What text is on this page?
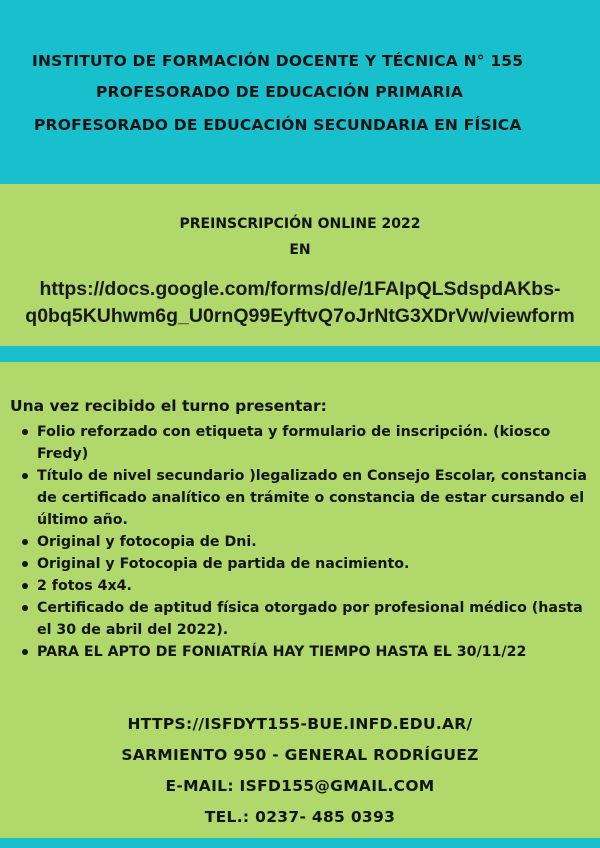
INSTITUTO DE FORMACIÓN DOCENTE Y TÉCNICA N° 155
PROFESORADO DE EDUCACIÓN PRIMARIA
PROFESORADO DE EDUCACIÓN SECUNDARIA EN FÍSICA
PREINSCRIPCIÓN ONLINE 2022
EN
https://docs.google.com/forms/d/e/1FAIpQLSdspdAKbs-
q0bq5KUhwm6g_U0rnQ99EyftvQ7oJrNtG3XDrVw/viewform

Una vez recibido el turno presentar:

Folio reforzado con etiqueta y formulario de inscripción. (kiosco Fredy)
Título de nivel secundario )legalizado en Consejo Escolar, constancia de certificado analítico en trámite o constancia de estar cursando el último año.
Original y fotocopia de Dni.
Original y Fotocopia de partida de nacimiento.
2 fotos 4x4.
Certificado de aptitud física otorgado por profesional médico (hasta el 30 de abril del 2022).
PARA EL APTO DE FONIATRÍA HAY TIEMPO HASTA EL 30/11/22
HTTPS://ISFDYT155-BUE.INFD.EDU.AR/
SARMIENTO 950 - GENERAL RODRÍGUEZ
E-MAIL: ISFD155@GMAIL.COM
TEL.: 0237- 485 0393
